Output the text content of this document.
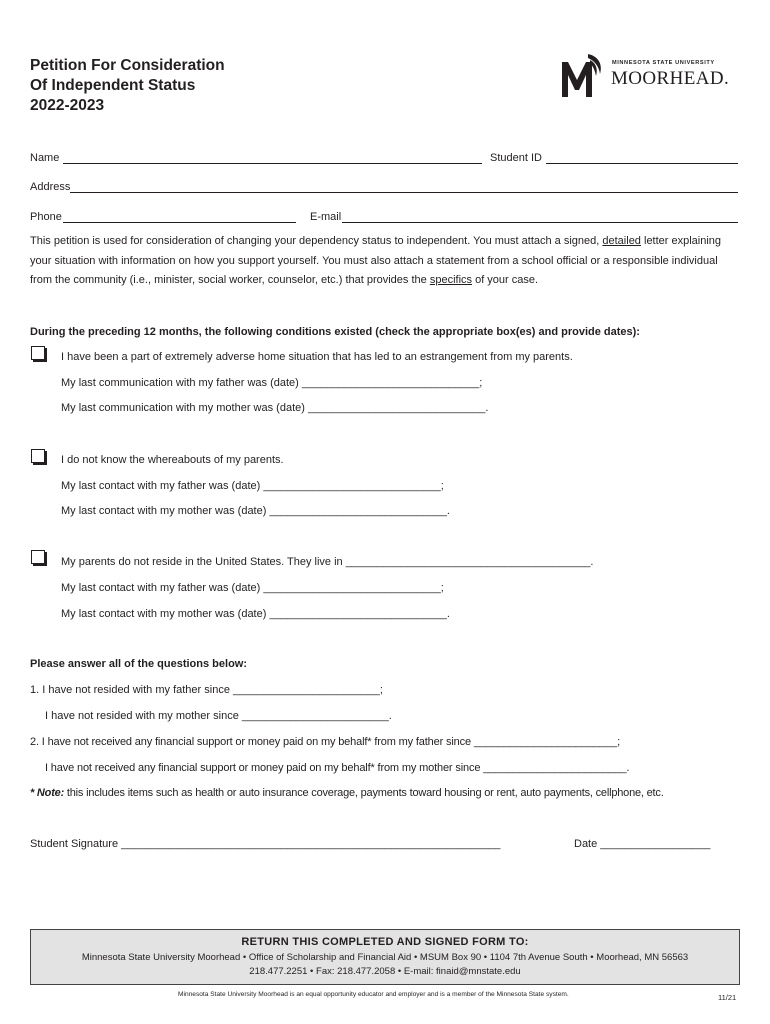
Petition For Consideration
Of Independent Status
2022-2023
MINNESOTA STATE UNIVERSITY
MOORHEAD.
Name	Student ID
Address
Phone	E-mail
This petition is used for consideration of changing your dependency status to independent. You must attach a signed, detailed letter explaining your situation with information on how you support yourself. You must also attach a statement from a school official or a responsible individual from the community (i.e., minister, social worker, counselor, etc.) that provides the specifics of your case.
During the preceding 12 months, the following conditions existed (check the appropriate box(es) and provide dates):
I have been a part of extremely adverse home situation that has led to an estrangement from my parents.
My last communication with my father was (date) _____________________________;
My last communication with my mother was (date) _____________________________.
I do not know the whereabouts of my parents.
My last contact with my father was (date) _____________________________;
My last contact with my mother was (date) _____________________________.
My parents do not reside in the United States. They live in ________________________________________.
My last contact with my father was (date) _____________________________;
My last contact with my mother was (date) _____________________________.
Please answer all of the questions below:
1. I have not resided with my father since ________________________;
I have not resided with my mother since ________________________.
2. I have not received any financial support or money paid on my behalf* from my father since ________________________;
I have not received any financial support or money paid on my behalf* from my mother since ________________________.
* Note: this includes items such as health or auto insurance coverage, payments toward housing or rent, auto payments, cellphone, etc.
Student Signature ______________________________________________________________	Date __________________
RETURN THIS COMPLETED AND SIGNED FORM TO:
Minnesota State University Moorhead • Office of Scholarship and Financial Aid • MSUM Box 90 • 1104 7th Avenue South • Moorhead, MN 56563
218.477.2251 • Fax: 218.477.2058 • E-mail: finaid@mnstate.edu
Minnesota State University Moorhead is an equal opportunity educator and employer and is a member of the Minnesota State system.	11/21
